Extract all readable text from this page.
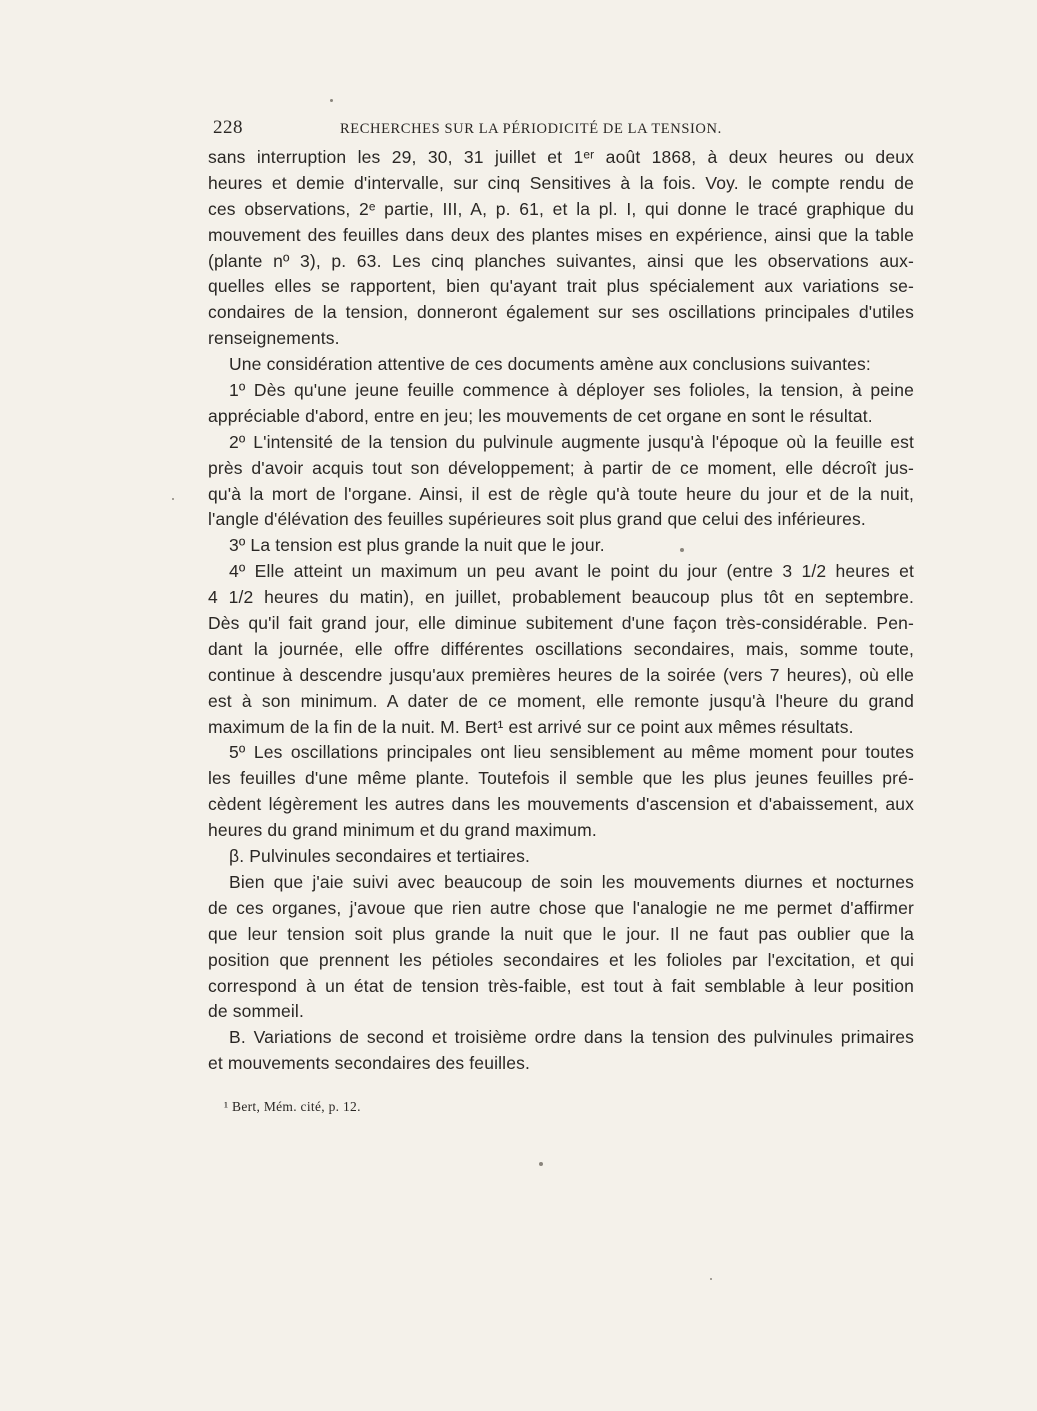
228	RECHERCHES SUR LA PÉRIODICITÉ DE LA TENSION.
sans interruption les 29, 30, 31 juillet et 1ᵉʳ août 1868, à deux heures ou deux
heures et demie d'intervalle, sur cinq Sensitives à la fois. Voy. le compte rendu de
ces observations, 2ᵉ partie, III, A, p. 61, et la pl. I, qui donne le tracé graphique du
mouvement des feuilles dans deux des plantes mises en expérience, ainsi que la table
(plante nº 3), p. 63. Les cinq planches suivantes, ainsi que les observations aux-
quelles elles se rapportent, bien qu'ayant trait plus spécialement aux variations se-
condaires de la tension, donneront également sur ses oscillations principales d'utiles
renseignements.
Une considération attentive de ces documents amène aux conclusions suivantes:
1º Dès qu'une jeune feuille commence à déployer ses folioles, la tension, à peine
appréciable d'abord, entre en jeu; les mouvements de cet organe en sont le résultat.
2º L'intensité de la tension du pulvinule augmente jusqu'à l'époque où la feuille est
près d'avoir acquis tout son développement; à partir de ce moment, elle décroît jus-
qu'à la mort de l'organe. Ainsi, il est de règle qu'à toute heure du jour et de la nuit,
l'angle d'élévation des feuilles supérieures soit plus grand que celui des inférieures.
3º La tension est plus grande la nuit que le jour.
4º Elle atteint un maximum un peu avant le point du jour (entre 3 1/2 heures et
4 1/2 heures du matin), en juillet, probablement beaucoup plus tôt en septembre.
Dès qu'il fait grand jour, elle diminue subitement d'une façon très-considérable. Pen-
dant la journée, elle offre différentes oscillations secondaires, mais, somme toute,
continue à descendre jusqu'aux premières heures de la soirée (vers 7 heures), où elle
est à son minimum. A dater de ce moment, elle remonte jusqu'à l'heure du grand
maximum de la fin de la nuit. M. Bert¹ est arrivé sur ce point aux mêmes résultats.
5º Les oscillations principales ont lieu sensiblement au même moment pour toutes
les feuilles d'une même plante. Toutefois il semble que les plus jeunes feuilles pré-
cèdent légèrement les autres dans les mouvements d'ascension et d'abaissement, aux
heures du grand minimum et du grand maximum.
β. Pulvinules secondaires et tertiaires.
Bien que j'aie suivi avec beaucoup de soin les mouvements diurnes et nocturnes
de ces organes, j'avoue que rien autre chose que l'analogie ne me permet d'affirmer
que leur tension soit plus grande la nuit que le jour. Il ne faut pas oublier que la
position que prennent les pétioles secondaires et les folioles par l'excitation, et qui
correspond à un état de tension très-faible, est tout à fait semblable à leur position
de sommeil.
B. Variations de second et troisième ordre dans la tension des pulvinules primaires
et mouvements secondaires des feuilles.
¹ Bert, Mém. cité, p. 12.
